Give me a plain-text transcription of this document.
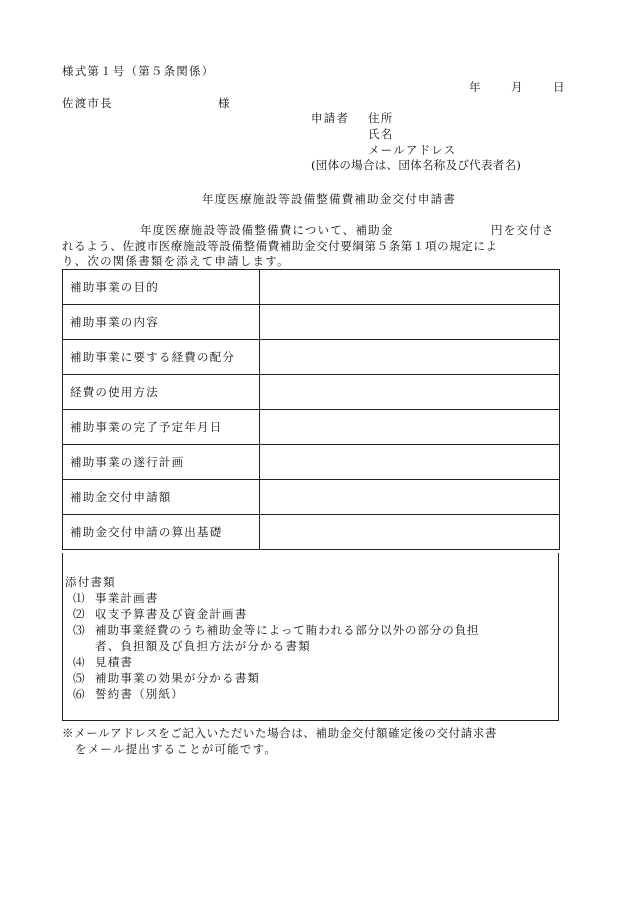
様式第１号（第５条関係）
年	月	日
佐渡市長	様
申請者 住所
氏名
メールアドレス
(団体の場合は、団体名称及び代表者名)
年度医療施設等設備整備費補助金交付申請書
年度医療施設等設備整備費について、補助金	円を交付さ
れるよう、佐渡市医療施設等設備整備費補助金交付要綱第５条第１項の規定によ
り、次の関係書類を添えて申請します。
補助事業の目的	
補助事業の内容	
補助事業に要する経費の配分	
経費の使用方法	
補助事業の完了予定年月日	
補助事業の遂行計画	
補助金交付申請額	
補助金交付申請の算出基礎	
添付書類
⑴ 事業計画書
⑵ 収支予算書及び資金計画書
⑶ 補助事業経費のうち補助金等によって賄われる部分以外の部分の負担
者、負担額及び負担方法が分かる書類
⑷ 見積書
⑸ 補助事業の効果が分かる書類
⑹ 誓約書（別紙）
※メールアドレスをご記入いただいた場合は、補助金交付額確定後の交付請求書
をメール提出することが可能です。
